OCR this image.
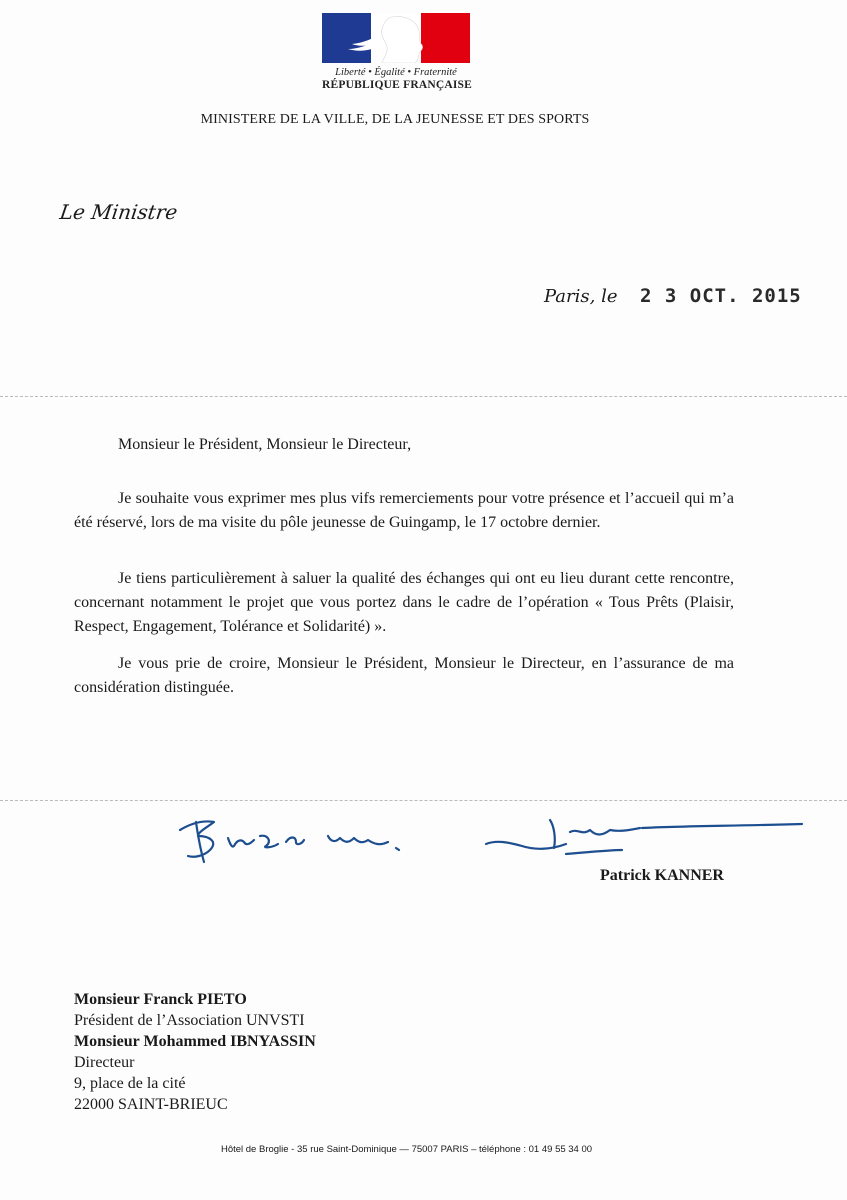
Liberté • Égalité • Fraternité
RÉPUBLIQUE FRANÇAISE
MINISTERE DE LA VILLE, DE LA JEUNESSE ET DES SPORTS
Le Ministre
Paris, le 2 3 OCT. 2015
Monsieur le Président, Monsieur le Directeur,
Je souhaite vous exprimer mes plus vifs remerciements pour votre présence et l’accueil qui m’a été réservé, lors de ma visite du pôle jeunesse de Guingamp, le 17 octobre dernier.
Je tiens particulièrement à saluer la qualité des échanges qui ont eu lieu durant cette rencontre, concernant notamment le projet que vous portez dans le cadre de l’opération « Tous Prêts (Plaisir, Respect, Engagement, Tolérance et Solidarité) ».
Je vous prie de croire, Monsieur le Président, Monsieur le Directeur, en l’assurance de ma considération distinguée.
Patrick KANNER
Monsieur Franck PIETO
Président de l’Association UNVSTI
Monsieur Mohammed IBNYASSIN
Directeur
9, place de la cité
22000 SAINT-BRIEUC
Hôtel de Broglie - 35 rue Saint-Dominique — 75007 PARIS – téléphone : 01 49 55 34 00
